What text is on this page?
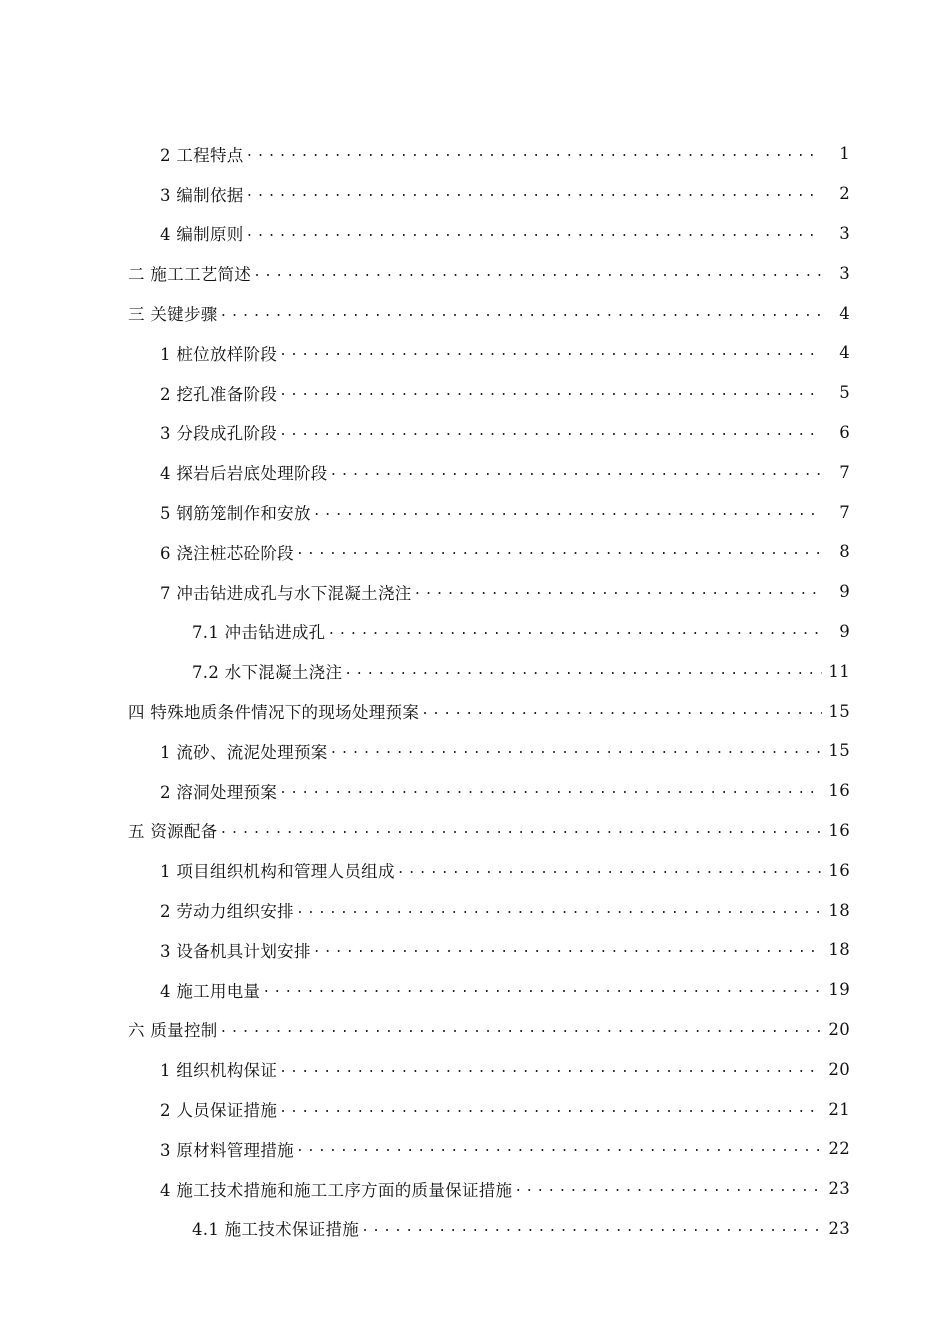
2 工程特点 .....	1
3 编制依据 .....	2
4 编制原则 .....	3
二 施工工艺简述 .....	3
三 关键步骤 .....	4
1 桩位放样阶段 .....	4
2 挖孔准备阶段 .....	5
3 分段成孔阶段 .....	6
4 探岩后岩底处理阶段 .....	7
5 钢筋笼制作和安放 .....	7
6 浇注桩芯砼阶段 .....	8
7 冲击钻进成孔与水下混凝土浇注 .....	9
7.1 冲击钻进成孔 .....	9
7.2 水下混凝土浇注 .....	11
四 特殊地质条件情况下的现场处理预案 .....	15
1 流砂、流泥处理预案 .....	15
2 溶洞处理预案 .....	16
五 资源配备 .....	16
1 项目组织机构和管理人员组成 .....	16
2 劳动力组织安排 .....	18
3 设备机具计划安排 .....	18
4 施工用电量 .....	19
六 质量控制 .....	20
1 组织机构保证 .....	20
2 人员保证措施 .....	21
3 原材料管理措施 .....	22
4 施工技术措施和施工工序方面的质量保证措施 .....	23
4.1 施工技术保证措施 .....	23
